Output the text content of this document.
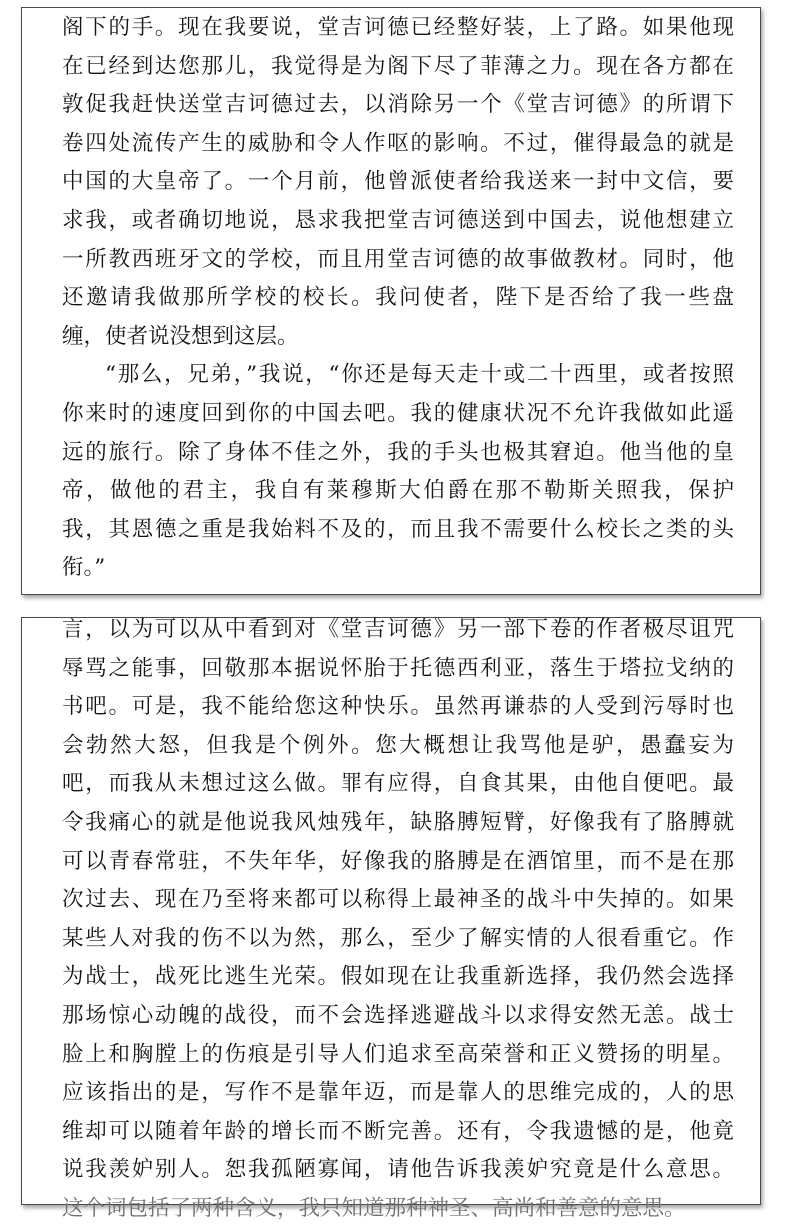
阁下的手。现在我要说，堂吉诃德已经整好装，上了路。如果他现
在已经到达您那儿，我觉得是为阁下尽了菲薄之力。现在各方都在
敦促我赶快送堂吉诃德过去，以消除另一个《堂吉诃德》的所谓下
卷四处流传产生的威胁和令人作呕的影响。不过，催得最急的就是
中国的大皇帝了。一个月前，他曾派使者给我送来一封中文信，要
求我，或者确切地说，恳求我把堂吉诃德送到中国去，说他想建立
一所教西班牙文的学校，而且用堂吉诃德的故事做教材。同时，他
还邀请我做那所学校的校长。我问使者，陛下是否给了我一些盘
缠，使者说没想到这层。
“那么，兄弟，”我说，“你还是每天走十或二十西里，或者按照
你来时的速度回到你的中国去吧。我的健康状况不允许我做如此遥
远的旅行。除了身体不佳之外，我的手头也极其窘迫。他当他的皇
帝，做他的君主，我自有莱穆斯大伯爵在那不勒斯关照我，保护
我，其恩德之重是我始料不及的，而且我不需要什么校长之类的头
衔。”
言，以为可以从中看到对《堂吉诃德》另一部下卷的作者极尽诅咒
辱骂之能事，回敬那本据说怀胎于托德西利亚，落生于塔拉戈纳的
书吧。可是，我不能给您这种快乐。虽然再谦恭的人受到污辱时也
会勃然大怒，但我是个例外。您大概想让我骂他是驴，愚蠢妄为
吧，而我从未想过这么做。罪有应得，自食其果，由他自便吧。最
令我痛心的就是他说我风烛残年，缺胳膊短臂，好像我有了胳膊就
可以青春常驻，不失年华，好像我的胳膊是在酒馆里，而不是在那
次过去、现在乃至将来都可以称得上最神圣的战斗中失掉的。如果
某些人对我的伤不以为然，那么，至少了解实情的人很看重它。作
为战士，战死比逃生光荣。假如现在让我重新选择，我仍然会选择
那场惊心动魄的战役，而不会选择逃避战斗以求得安然无恙。战士
脸上和胸膛上的伤痕是引导人们追求至高荣誉和正义赞扬的明星。
应该指出的是，写作不是靠年迈，而是靠人的思维完成的，人的思
维却可以随着年龄的增长而不断完善。还有，令我遗憾的是，他竟
说我羡妒别人。恕我孤陋寡闻，请他告诉我羡妒究竟是什么意思。
这个词包括了两种含义，我只知道那种神圣、高尚和善意的意思。
